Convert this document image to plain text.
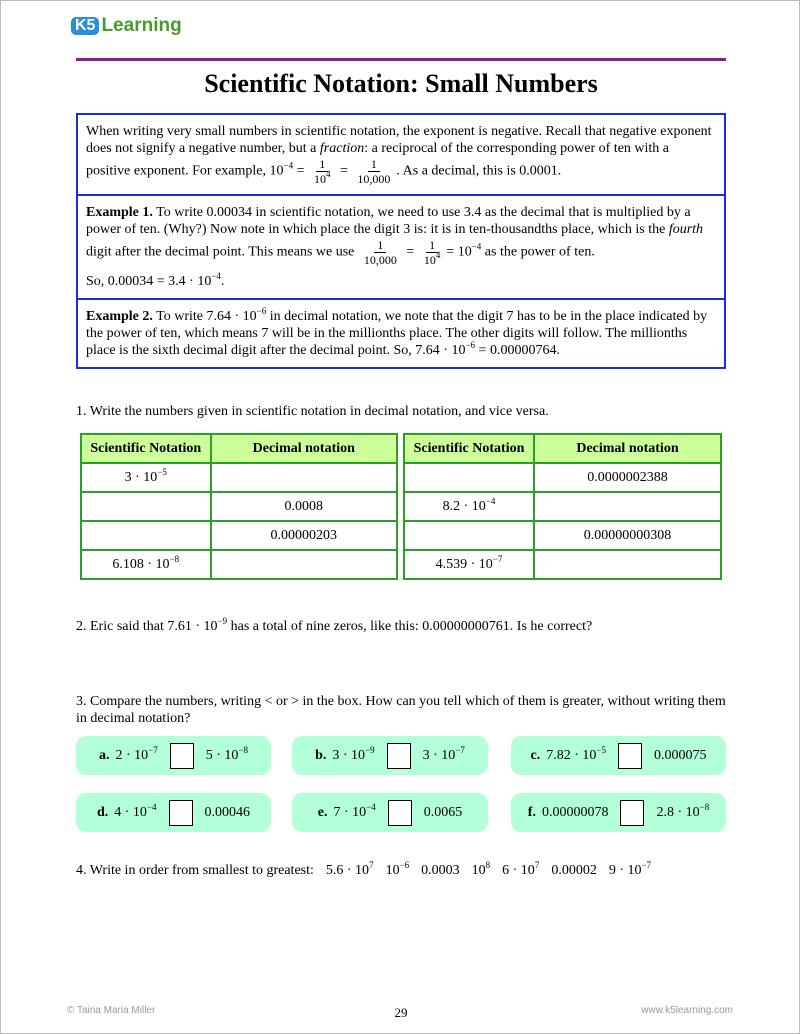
K5 Learning
Scientific Notation: Small Numbers
When writing very small numbers in scientific notation, the exponent is negative. Recall that negative exponent does not signify a negative number, but a fraction: a reciprocal of the corresponding power of ten with a positive exponent. For example, $10^{-4} = \frac{1}{10^4} = \frac{1}{10,000}$ . As a decimal, this is 0.0001.
Example 1. To write 0.00034 in scientific notation, we need to use 3.4 as the decimal that is multiplied by a power of ten. (Why?) Now note in which place the digit 3 is: it is in ten-thousandths place, which is the fourth digit after the decimal point. This means we use $\frac{1}{10,000} = \frac{1}{10^4} = 10^{-4}$ as the power of ten.
So, $0.00034 = 3.4 \cdot 10^{-4}$.
Example 2. To write $7.64 \cdot 10^{-6}$ in decimal notation, we note that the digit 7 has to be in the place indicated by the power of ten, which means 7 will be in the millionths place. The other digits will follow. The millionths place is the sixth decimal digit after the decimal point. So, $7.64 \cdot 10^{-6} = 0.00000764$.
1. Write the numbers given in scientific notation in decimal notation, and vice versa.
Scientific Notation	Decimal notation
$3 \cdot 10^{-5}$	
	0.0008
	0.00000203
$6.108 \cdot 10^{-8}$	
Scientific Notation	Decimal notation
	0.0000002388
$8.2 \cdot 10^{-4}$	
	0.00000000308
$4.539 \cdot 10^{-7}$	
2. Eric said that $7.61 \cdot 10^{-9}$ has a total of nine zeros, like this: 0.00000000761. Is he correct?
3. Compare the numbers, writing < or > in the box. How can you tell which of them is greater, without writing them in decimal notation?
a. $2 \cdot 10^{-7}$	$5 \cdot 10^{-8}$	b. $3 \cdot 10^{-9}$	$3 \cdot 10^{-7}$	c. $7.82 \cdot 10^{-5}$	0.000075
d. $4 \cdot 10^{-4}$	0.00046	e. $7 \cdot 10^{-4}$	0.0065	f. 0.00000078	$2.8 \cdot 10^{-8}$
4. Write in order from smallest to greatest: $5.6 \cdot 10^7$ $10^{-6}$ 0.0003 $10^8$ $6 \cdot 10^7$ 0.00002 $9 \cdot 10^{-7}$
© Taina Maria Miller	29	www.k5learning.com
